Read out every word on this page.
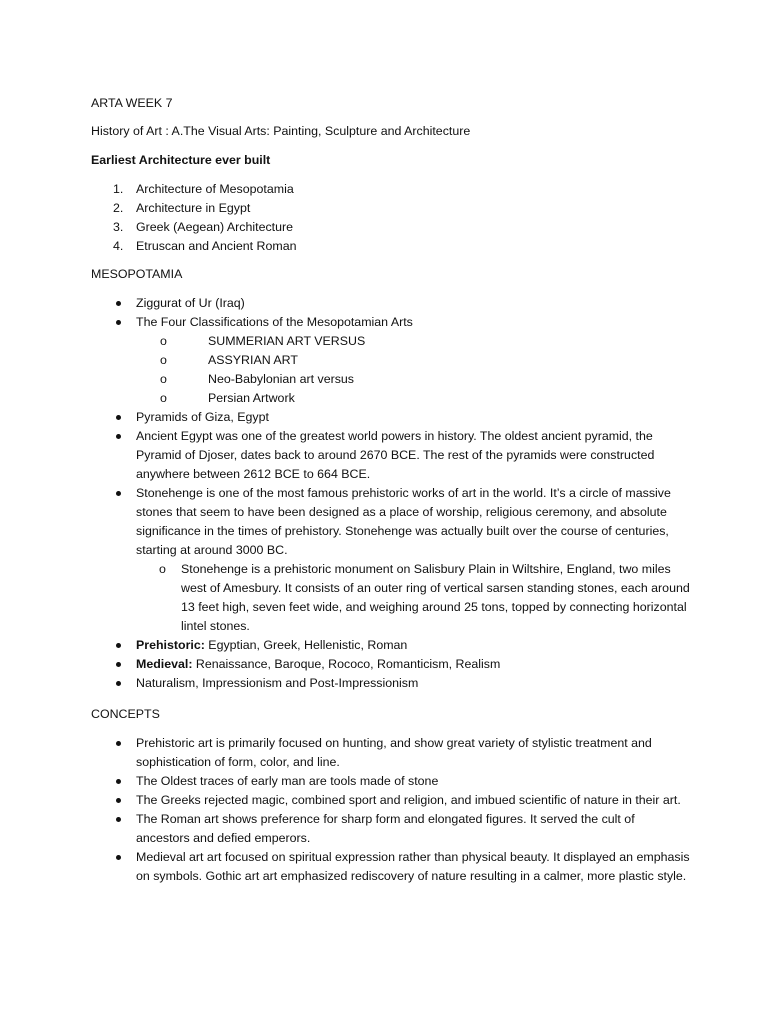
ARTA WEEK 7

History of Art : A.The Visual Arts: Painting, Sculpture and Architecture

Earliest Architecture ever built

1. Architecture of Mesopotamia
2. Architecture in Egypt
3. Greek (Aegean) Architecture
4. Etruscan and Ancient Roman

MESOPOTAMIA

Ziggurat of Ur (Iraq)
The Four Classifications of the Mesopotamian Arts
o SUMMERIAN ART VERSUS
o ASSYRIAN ART
o Neo-Babylonian art versus
o Persian Artwork
Pyramids of Giza, Egypt
Ancient Egypt was one of the greatest world powers in history. The oldest ancient pyramid, the Pyramid of Djoser, dates back to around 2670 BCE. The rest of the pyramids were constructed anywhere between 2612 BCE to 664 BCE.
Stonehenge is one of the most famous prehistoric works of art in the world. It’s a circle of massive stones that seem to have been designed as a place of worship, religious ceremony, and absolute significance in the times of prehistory. Stonehenge was actually built over the course of centuries, starting at around 3000 BC.
o Stonehenge is a prehistoric monument on Salisbury Plain in Wiltshire, England, two miles west of Amesbury. It consists of an outer ring of vertical sarsen standing stones, each around 13 feet high, seven feet wide, and weighing around 25 tons, topped by connecting horizontal lintel stones.
Prehistoric: Egyptian, Greek, Hellenistic, Roman
Medieval: Renaissance, Baroque, Rococo, Romanticism, Realism
Naturalism, Impressionism and Post-Impressionism

CONCEPTS

Prehistoric art is primarily focused on hunting, and show great variety of stylistic treatment and sophistication of form, color, and line.
The Oldest traces of early man are tools made of stone
The Greeks rejected magic, combined sport and religion, and imbued scientific of nature in their art.
The Roman art shows preference for sharp form and elongated figures. It served the cult of ancestors and defied emperors.
Medieval art art focused on spiritual expression rather than physical beauty. It displayed an emphasis on symbols. Gothic art art emphasized rediscovery of nature resulting in a calmer, more plastic style.
